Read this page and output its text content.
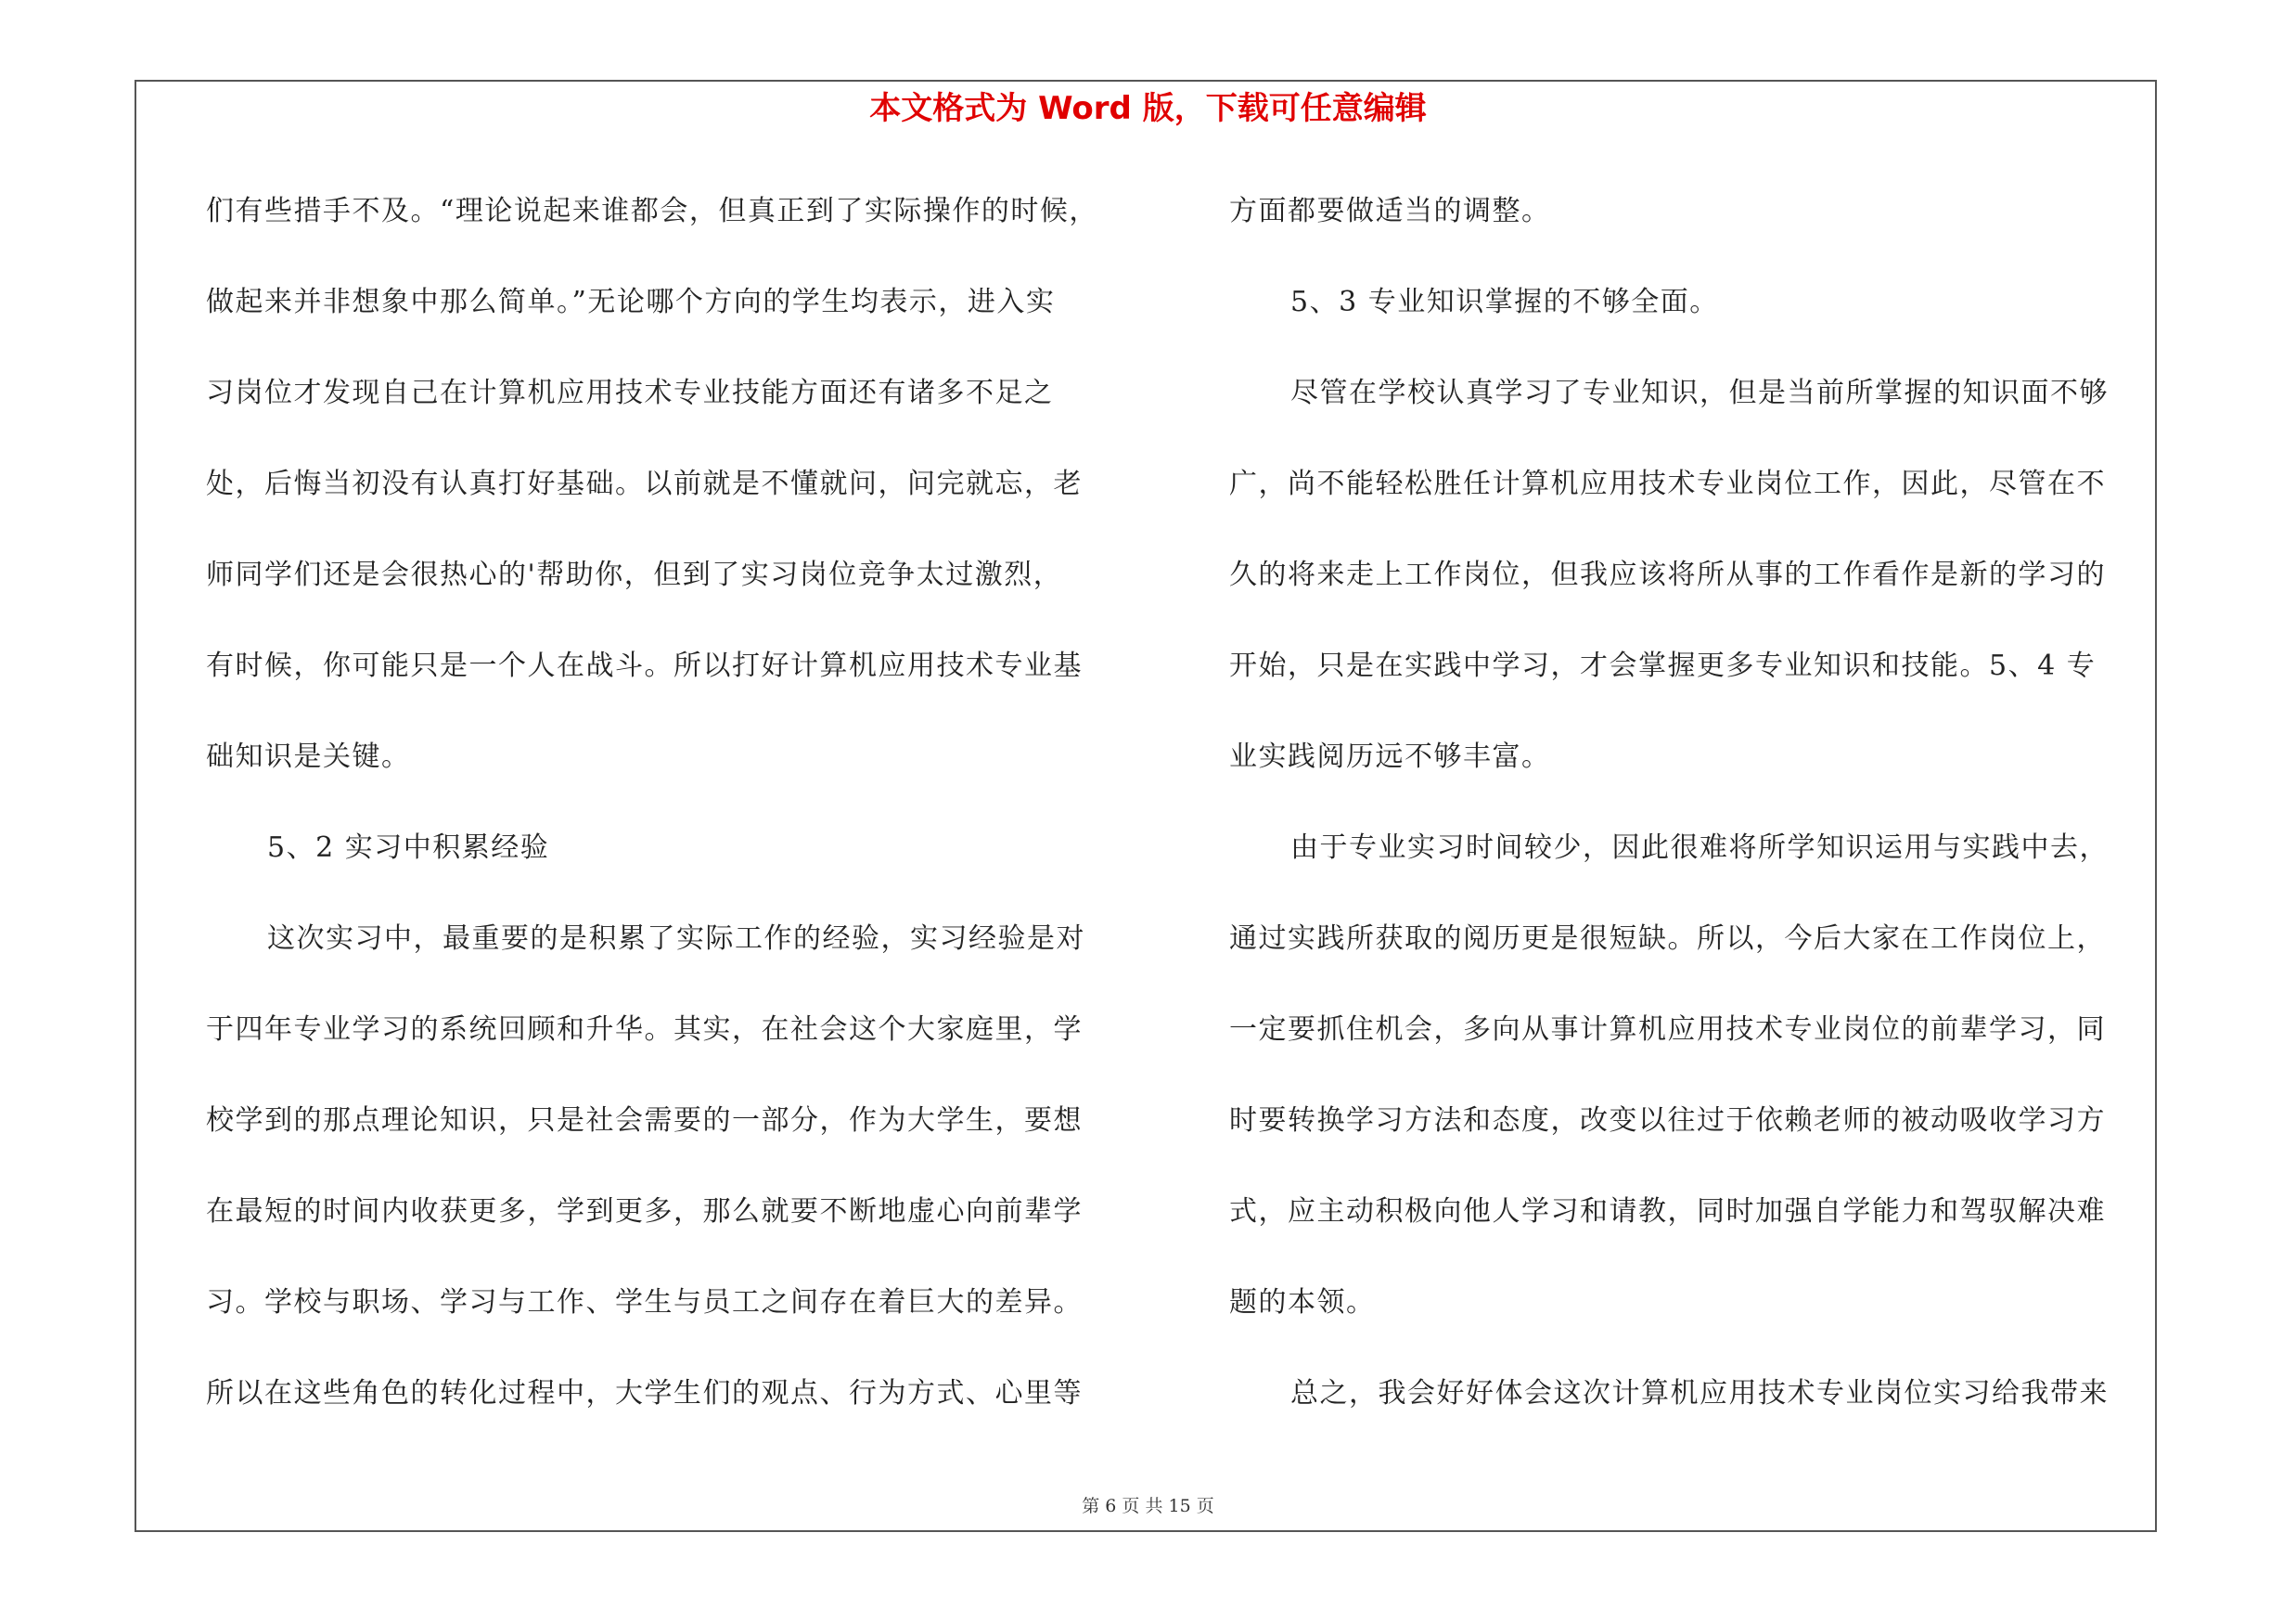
本文格式为 Word 版，下载可任意编辑
们有些措手不及。“理论说起来谁都会，但真正到了实际操作的时候，
做起来并非想象中那么简单。”无论哪个方向的学生均表示，进入实
习岗位才发现自己在计算机应用技术专业技能方面还有诸多不足之
处，后悔当初没有认真打好基础。以前就是不懂就问，问完就忘，老
师同学们还是会很热心的'帮助你，但到了实习岗位竞争太过激烈，
有时候，你可能只是一个人在战斗。所以打好计算机应用技术专业基
础知识是关键。
5、2 实习中积累经验
这次实习中，最重要的是积累了实际工作的经验，实习经验是对
于四年专业学习的系统回顾和升华。其实，在社会这个大家庭里，学
校学到的那点理论知识，只是社会需要的一部分，作为大学生，要想
在最短的时间内收获更多，学到更多，那么就要不断地虚心向前辈学
习。学校与职场、学习与工作、学生与员工之间存在着巨大的差异。
所以在这些角色的转化过程中，大学生们的观点、行为方式、心里等
方面都要做适当的调整。
5、3 专业知识掌握的不够全面。
尽管在学校认真学习了专业知识，但是当前所掌握的知识面不够
广，尚不能轻松胜任计算机应用技术专业岗位工作，因此，尽管在不
久的将来走上工作岗位，但我应该将所从事的工作看作是新的学习的
开始，只是在实践中学习，才会掌握更多专业知识和技能。5、4 专
业实践阅历远不够丰富。
由于专业实习时间较少，因此很难将所学知识运用与实践中去，
通过实践所获取的阅历更是很短缺。所以，今后大家在工作岗位上，
一定要抓住机会，多向从事计算机应用技术专业岗位的前辈学习，同
时要转换学习方法和态度，改变以往过于依赖老师的被动吸收学习方
式，应主动积极向他人学习和请教，同时加强自学能力和驾驭解决难
题的本领。
总之，我会好好体会这次计算机应用技术专业岗位实习给我带来
第 6 页 共 15 页
